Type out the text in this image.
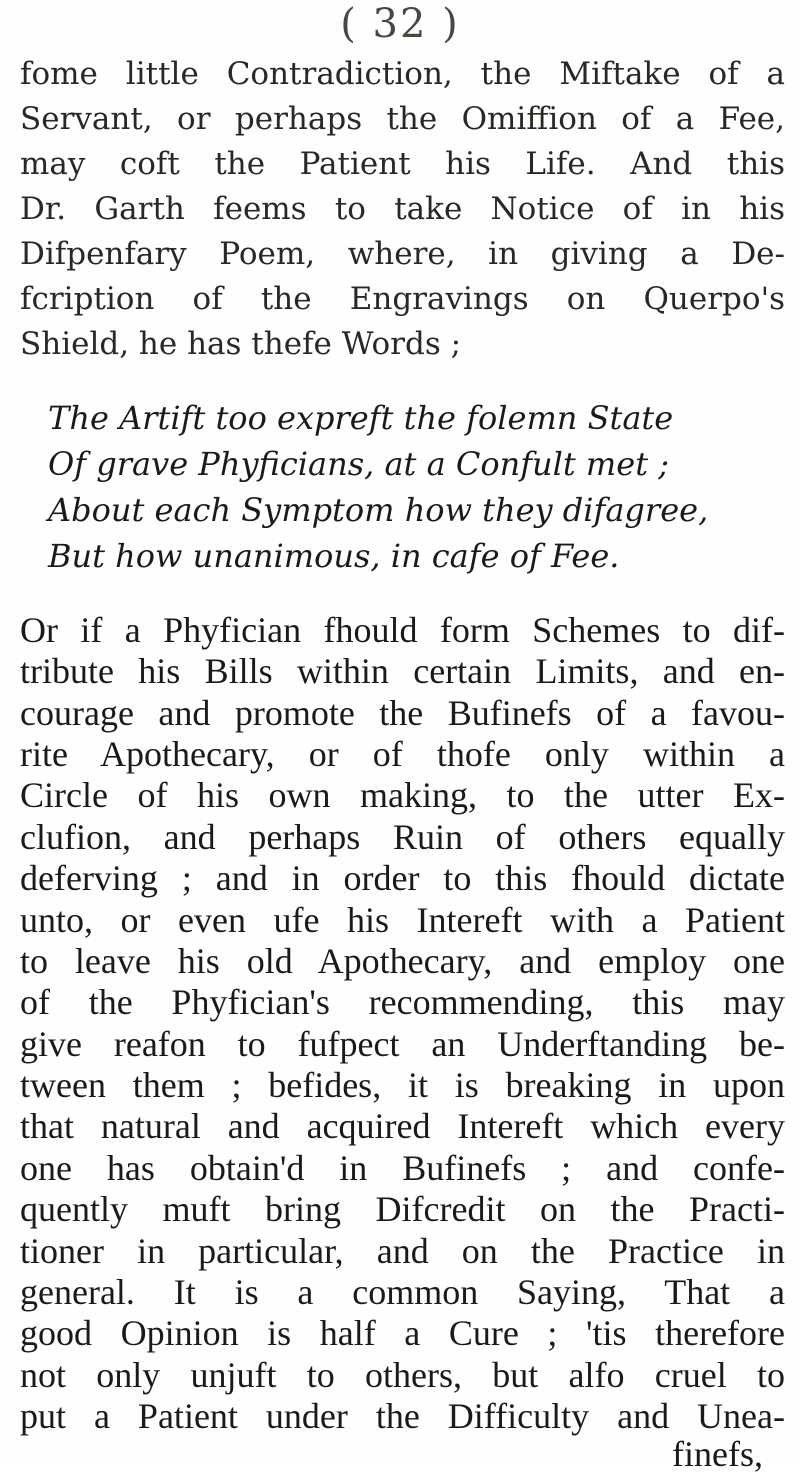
( 32 )
fome little Contradiction, the Miftake of a
Servant, or perhaps the Omiffion of a Fee,
may coft the Patient his Life. And this
Dr. Garth feems to take Notice of in his
Difpenfary Poem, where, in giving a De-
fcription of the Engravings on Querpo's
Shield, he has thefe Words ;
The Artift too expreft the folemn State
Of grave Phyficians, at a Confult met ;
About each Symptom how they difagree,
But how unanimous, in cafe of Fee.
Or if a Phyfician fhould form Schemes to dif-
tribute his Bills within certain Limits, and en-
courage and promote the Bufinefs of a favou-
rite Apothecary, or of thofe only within a
Circle of his own making, to the utter Ex-
clufion, and perhaps Ruin of others equally
deferving ; and in order to this fhould dictate
unto, or even ufe his Intereft with a Patient
to leave his old Apothecary, and employ one
of the Phyfician's recommending, this may
give reafon to fufpect an Underftanding be-
tween them ; befides, it is breaking in upon
that natural and acquired Intereft which every
one has obtain'd in Bufinefs ; and confe-
quently muft bring Difcredit on the Practi-
tioner in particular, and on the Practice in
general. It is a common Saying, That a
good Opinion is half a Cure ; 'tis therefore
not only unjuft to others, but alfo cruel to
put a Patient under the Difficulty and Unea-
finefs,
